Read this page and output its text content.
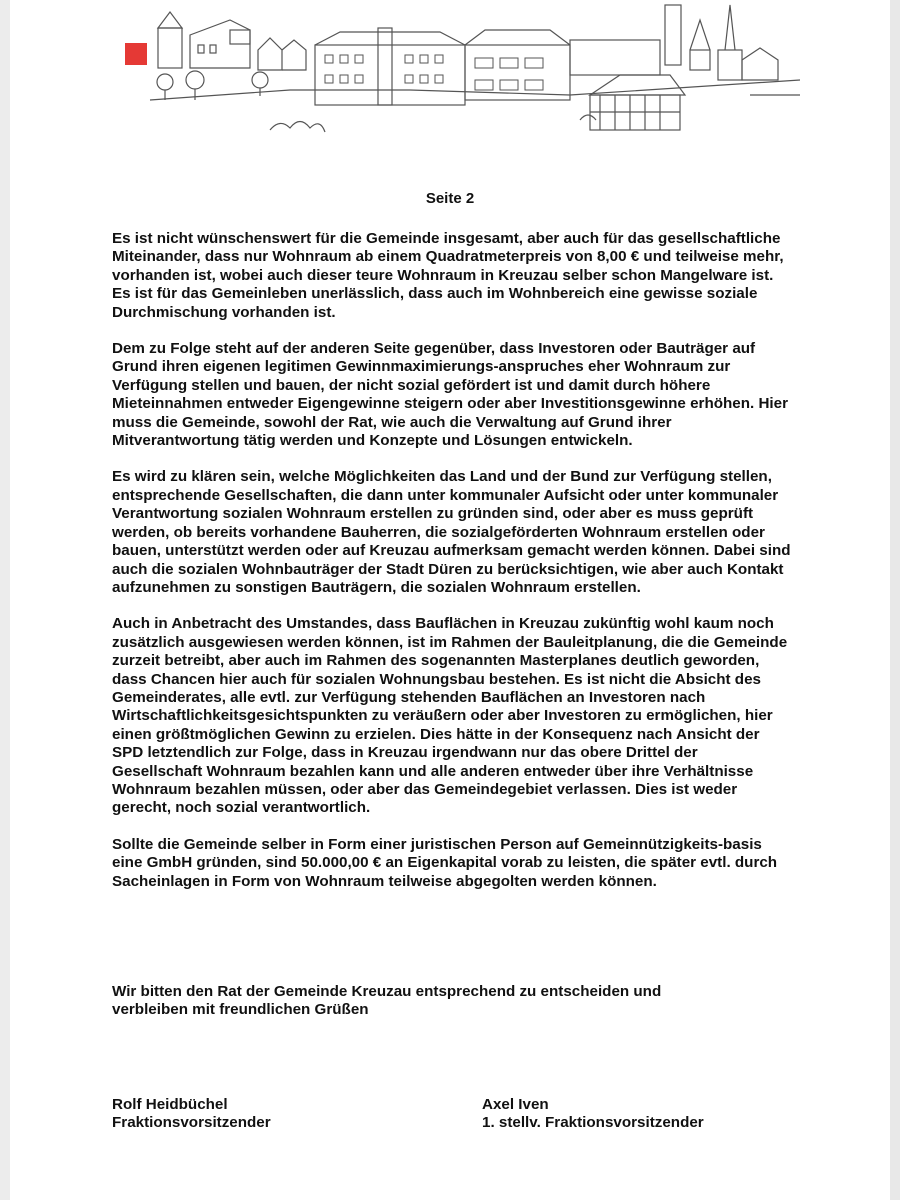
Seite 2

Es ist nicht wünschenswert für die Gemeinde insgesamt, aber auch für das gesellschaftliche Miteinander, dass nur Wohnraum ab einem Quadratmeterpreis von 8,00 € und teilweise mehr, vorhanden ist, wobei auch dieser teure Wohnraum in Kreuzau selber schon Mangelware ist. Es ist für das Gemeinleben unerlässlich, dass auch im Wohnbereich eine gewisse soziale Durchmischung vorhanden ist.

Dem zu Folge steht auf der anderen Seite gegenüber, dass Investoren oder Bauträger auf Grund ihren eigenen legitimen Gewinnmaximierungs-anspruches eher Wohnraum zur Verfügung stellen und bauen, der nicht sozial gefördert ist und damit durch höhere Mieteinnahmen entweder Eigengewinne steigern oder aber Investitionsgewinne erhöhen. Hier muss die Gemeinde, sowohl der Rat, wie auch die Verwaltung auf Grund ihrer Mitverantwortung tätig werden und Konzepte und Lösungen entwickeln.

Es wird zu klären sein, welche Möglichkeiten das Land und der Bund zur Verfügung stellen, entsprechende Gesellschaften, die dann unter kommunaler Aufsicht oder unter kommunaler Verantwortung sozialen Wohnraum erstellen zu gründen sind, oder aber es muss geprüft werden, ob bereits vorhandene Bauherren, die sozialgeförderten Wohnraum erstellen oder bauen, unterstützt werden oder auf Kreuzau aufmerksam gemacht werden können. Dabei sind auch die sozialen Wohnbauträger der Stadt Düren zu berücksichtigen, wie aber auch Kontakt aufzunehmen zu sonstigen Bauträgern, die sozialen Wohnraum erstellen.

Auch in Anbetracht des Umstandes, dass Bauflächen in Kreuzau zukünftig wohl kaum noch zusätzlich ausgewiesen werden können, ist im Rahmen der Bauleitplanung, die die Gemeinde zurzeit betreibt, aber auch im Rahmen des sogenannten Masterplanes deutlich geworden, dass Chancen hier auch für sozialen Wohnungsbau bestehen. Es ist nicht die Absicht des Gemeinderates, alle evtl. zur Verfügung stehenden Bauflächen an Investoren nach Wirtschaftlichkeitsgesichtspunkten zu veräußern oder aber Investoren zu ermöglichen, hier einen größtmöglichen Gewinn zu erzielen. Dies hätte in der Konsequenz nach Ansicht der SPD letztendlich zur Folge, dass in Kreuzau irgendwann nur das obere Drittel der Gesellschaft Wohnraum bezahlen kann und alle anderen entweder über ihre Verhältnisse Wohnraum bezahlen müssen, oder aber das Gemeindegebiet verlassen. Dies ist weder gerecht, noch sozial verantwortlich.

Sollte die Gemeinde selber in Form einer juristischen Person auf Gemeinnützigkeits-basis eine GmbH gründen, sind 50.000,00 € an Eigenkapital vorab zu leisten, die später evtl. durch Sacheinlagen in Form von Wohnraum teilweise abgegolten werden können.

Wir bitten den Rat der Gemeinde Kreuzau entsprechend zu entscheiden und
verbleiben mit freundlichen Grüßen
Rolf Heidbüchel
Fraktionsvorsitzender
Axel Iven
1. stellv. Fraktionsvorsitzender
